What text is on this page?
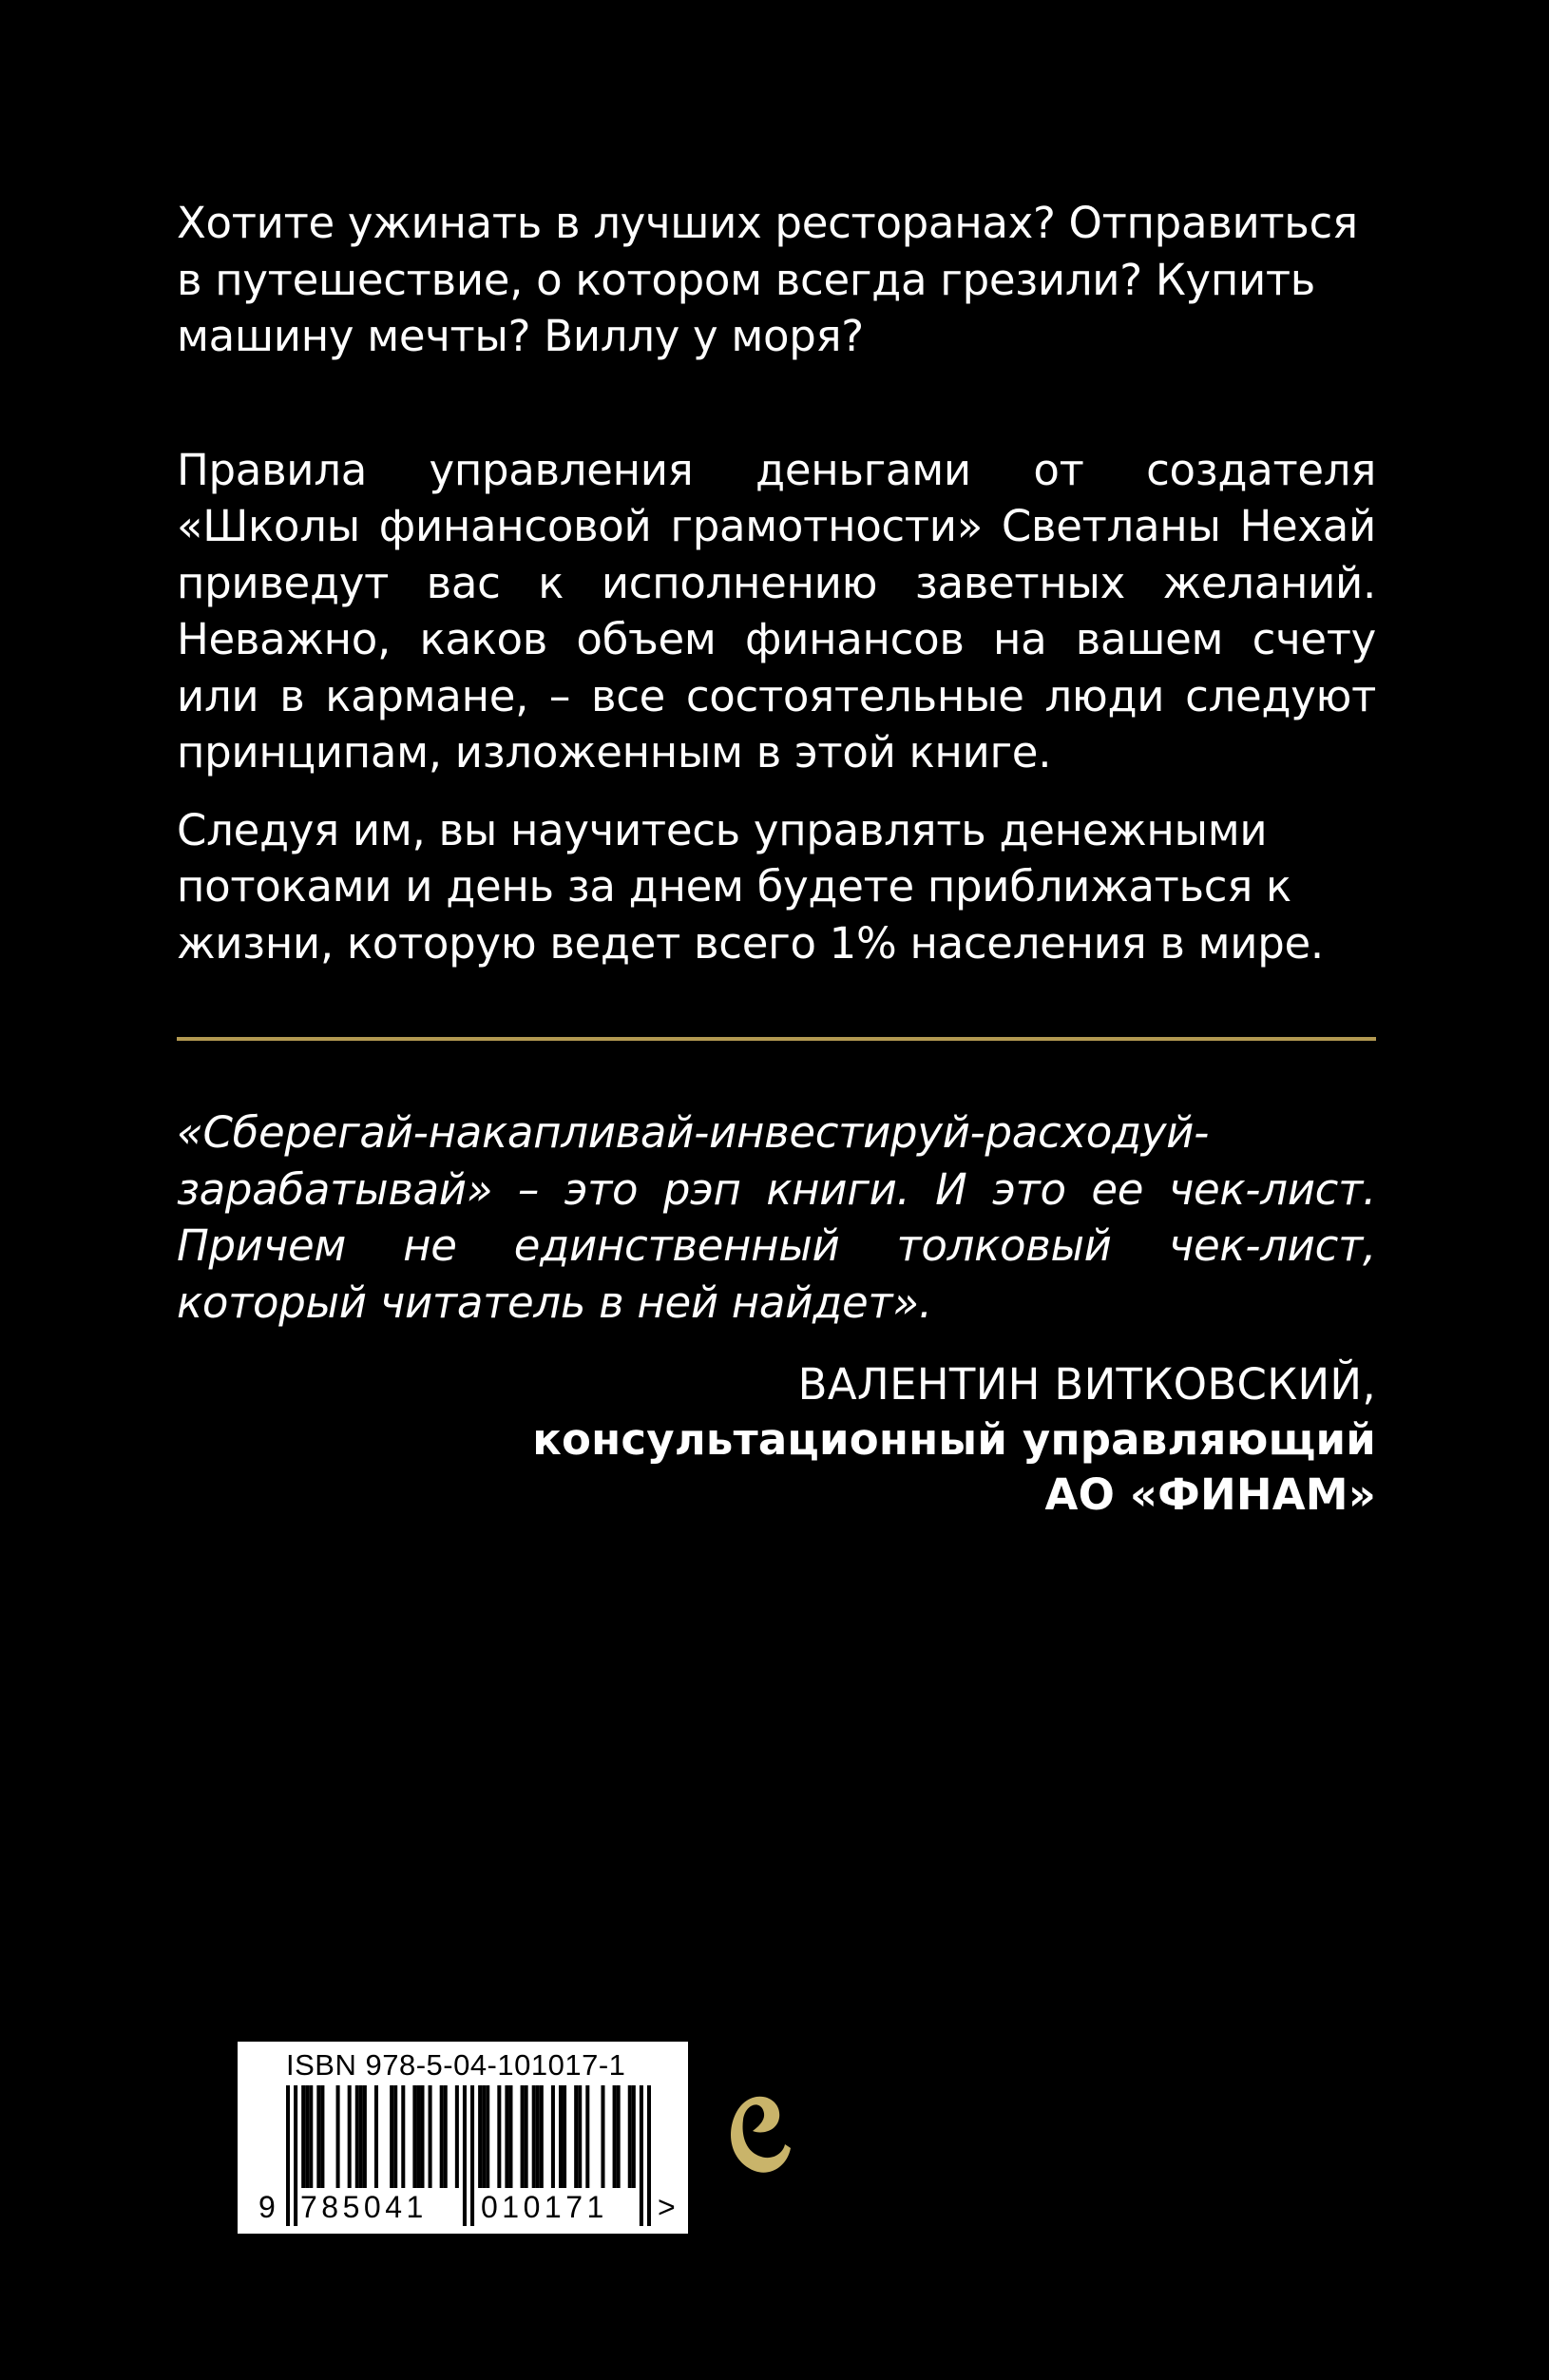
Хотите ужинать в лучших ресторанах? Отправиться в путешествие, о котором всегда грезили? Купить машину мечты? Виллу у моря?

Правила управления деньгами от создателя «Школы финансовой грамотности» Светланы Нехай приведут вас к исполнению заветных желаний. Неважно, каков объем финансов на вашем счету или в кармане, – все состоятельные люди следуют принципам, изложенным в этой книге.

Следуя им, вы научитесь управлять денежными потоками и день за днем будете приближаться к жизни, которую ведет всего 1% населения в мире.

«Сберегай-накапливай-инвестируй-расходуй-зарабатывай» – это рэп книги. И это ее чек-лист. Причем не единственный толковый чек-лист, который читатель в ней найдет».

ВАЛЕНТИН ВИТКОВСКИЙ,
консультационный управляющий
АО «ФИНАМ»
ISBN 978-5-04-101017-1
9 785041 010171 >
